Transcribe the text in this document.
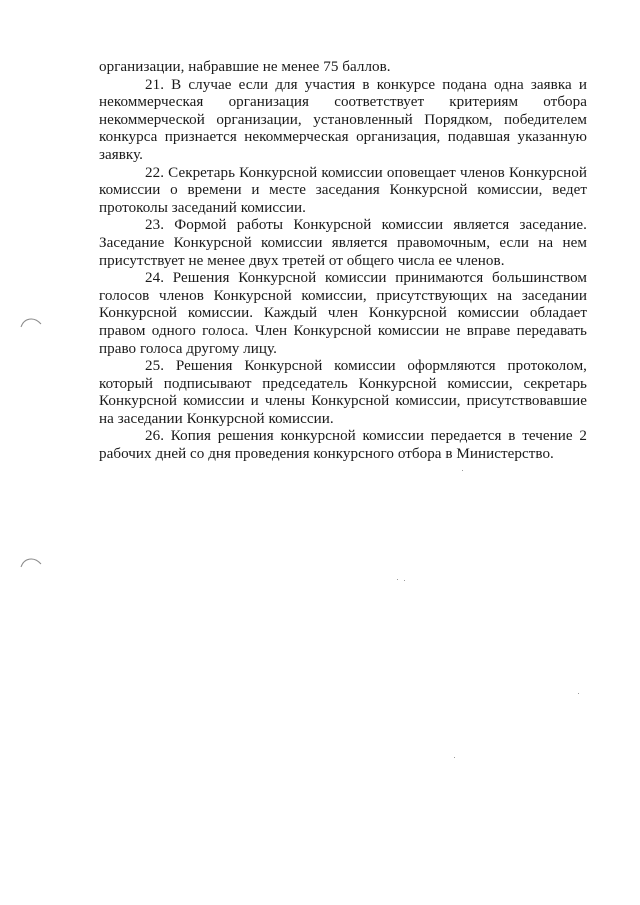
организации, набравшие не менее 75 баллов.

21. В случае если для участия в конкурсе подана одна заявка и некоммерческая организация соответствует критериям отбора некоммерческой организации, установленный Порядком, победителем конкурса признается некоммерческая организация, подавшая указанную заявку.

22. Секретарь Конкурсной комиссии оповещает членов Конкурсной комиссии о времени и месте заседания Конкурсной комиссии, ведет протоколы заседаний комиссии.

23. Формой работы Конкурсной комиссии является заседание. Заседание Конкурсной комиссии является правомочным, если на нем присутствует не менее двух третей от общего числа ее членов.

24. Решения Конкурсной комиссии принимаются большинством голосов членов Конкурсной комиссии, присутствующих на заседании Конкурсной комиссии. Каждый член Конкурсной комиссии обладает правом одного голоса. Член Конкурсной комиссии не вправе передавать право голоса другому лицу.

25. Решения Конкурсной комиссии оформляются протоколом, который подписывают председатель Конкурсной комиссии, секретарь Конкурсной комиссии и члены Конкурсной комиссии, присутствовавшие на заседании Конкурсной комиссии.

26. Копия решения конкурсной комиссии передается в течение 2 рабочих дней со дня проведения конкурсного отбора в Министерство.
